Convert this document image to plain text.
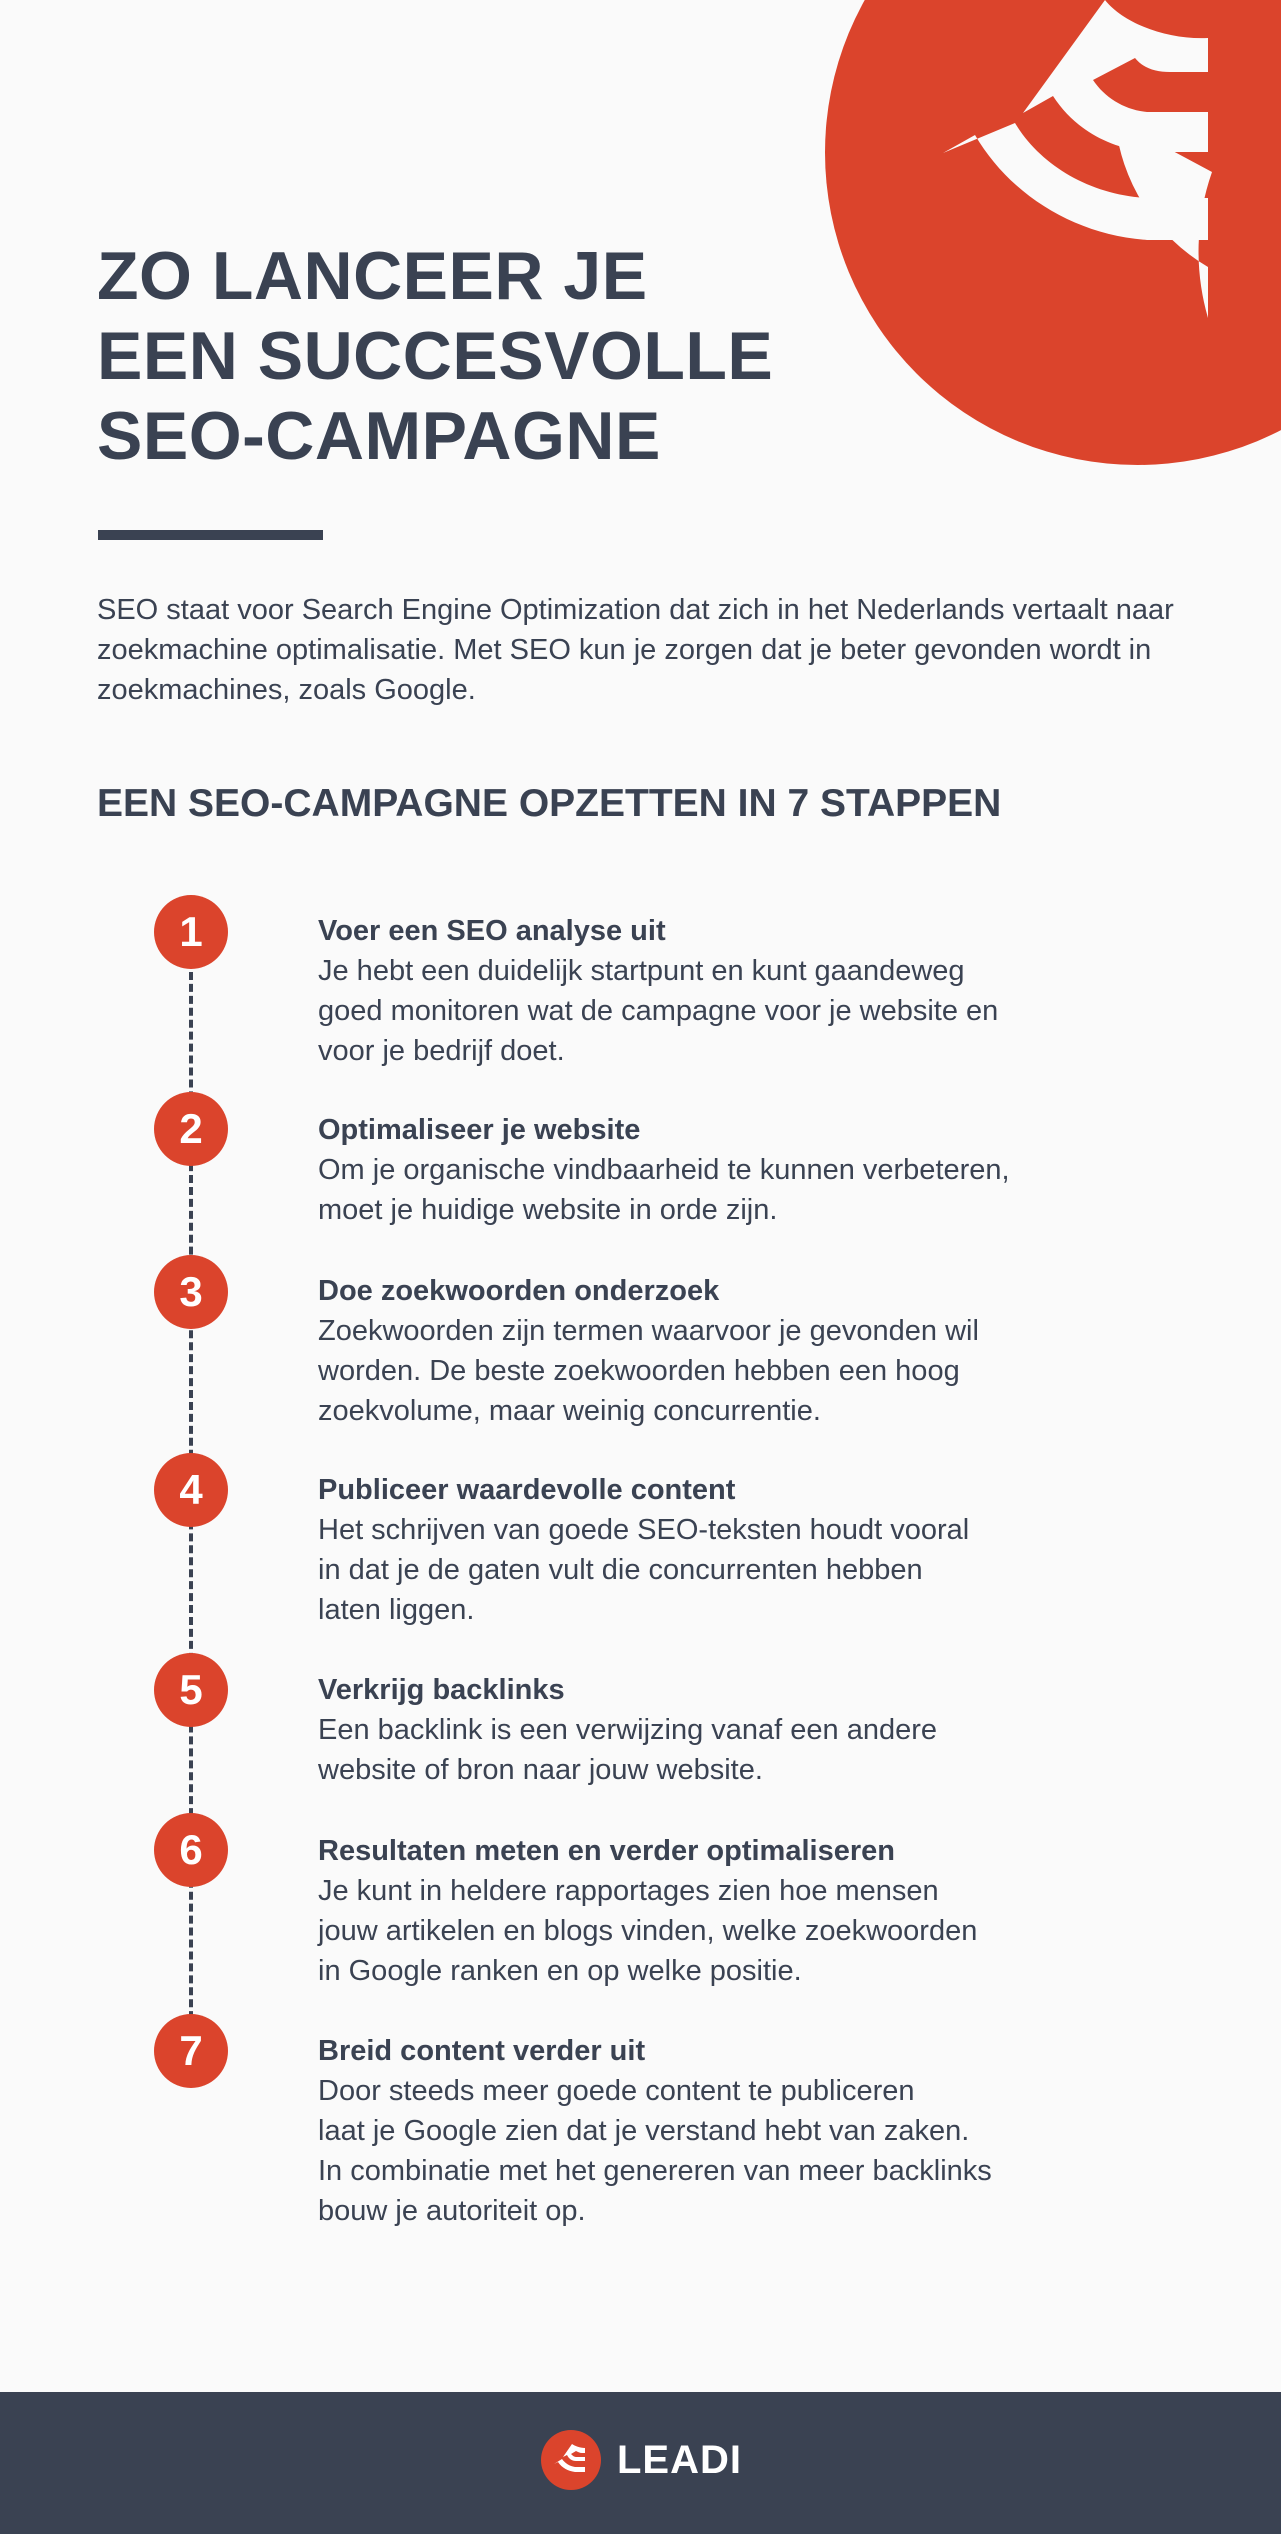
ZO LANCEER JE
EEN SUCCESVOLLE
SEO-CAMPAGNE

SEO staat voor Search Engine Optimization dat zich in het Nederlands vertaalt naar zoekmachine optimalisatie. Met SEO kun je zorgen dat je beter gevonden wordt in zoekmachines, zoals Google.

EEN SEO-CAMPAGNE OPZETTEN IN 7 STAPPEN
1	Voer een SEO analyse uit
Je hebt een duidelijk startpunt en kunt gaandeweg
goed monitoren wat de campagne voor je website en
voor je bedrijf doet.
2	Optimaliseer je website
Om je organische vindbaarheid te kunnen verbeteren,
moet je huidige website in orde zijn.
3	Doe zoekwoorden onderzoek
Zoekwoorden zijn termen waarvoor je gevonden wil
worden. De beste zoekwoorden hebben een hoog
zoekvolume, maar weinig concurrentie.
4	Publiceer waardevolle content
Het schrijven van goede SEO-teksten houdt vooral
in dat je de gaten vult die concurrenten hebben
laten liggen.
5	Verkrijg backlinks
Een backlink is een verwijzing vanaf een andere
website of bron naar jouw website.
6	Resultaten meten en verder optimaliseren
Je kunt in heldere rapportages zien hoe mensen
jouw artikelen en blogs vinden, welke zoekwoorden
in Google ranken en op welke positie.
7	Breid content verder uit
Door steeds meer goede content te publiceren
laat je Google zien dat je verstand hebt van zaken.
In combinatie met het genereren van meer backlinks
bouw je autoriteit op.
LEADI
